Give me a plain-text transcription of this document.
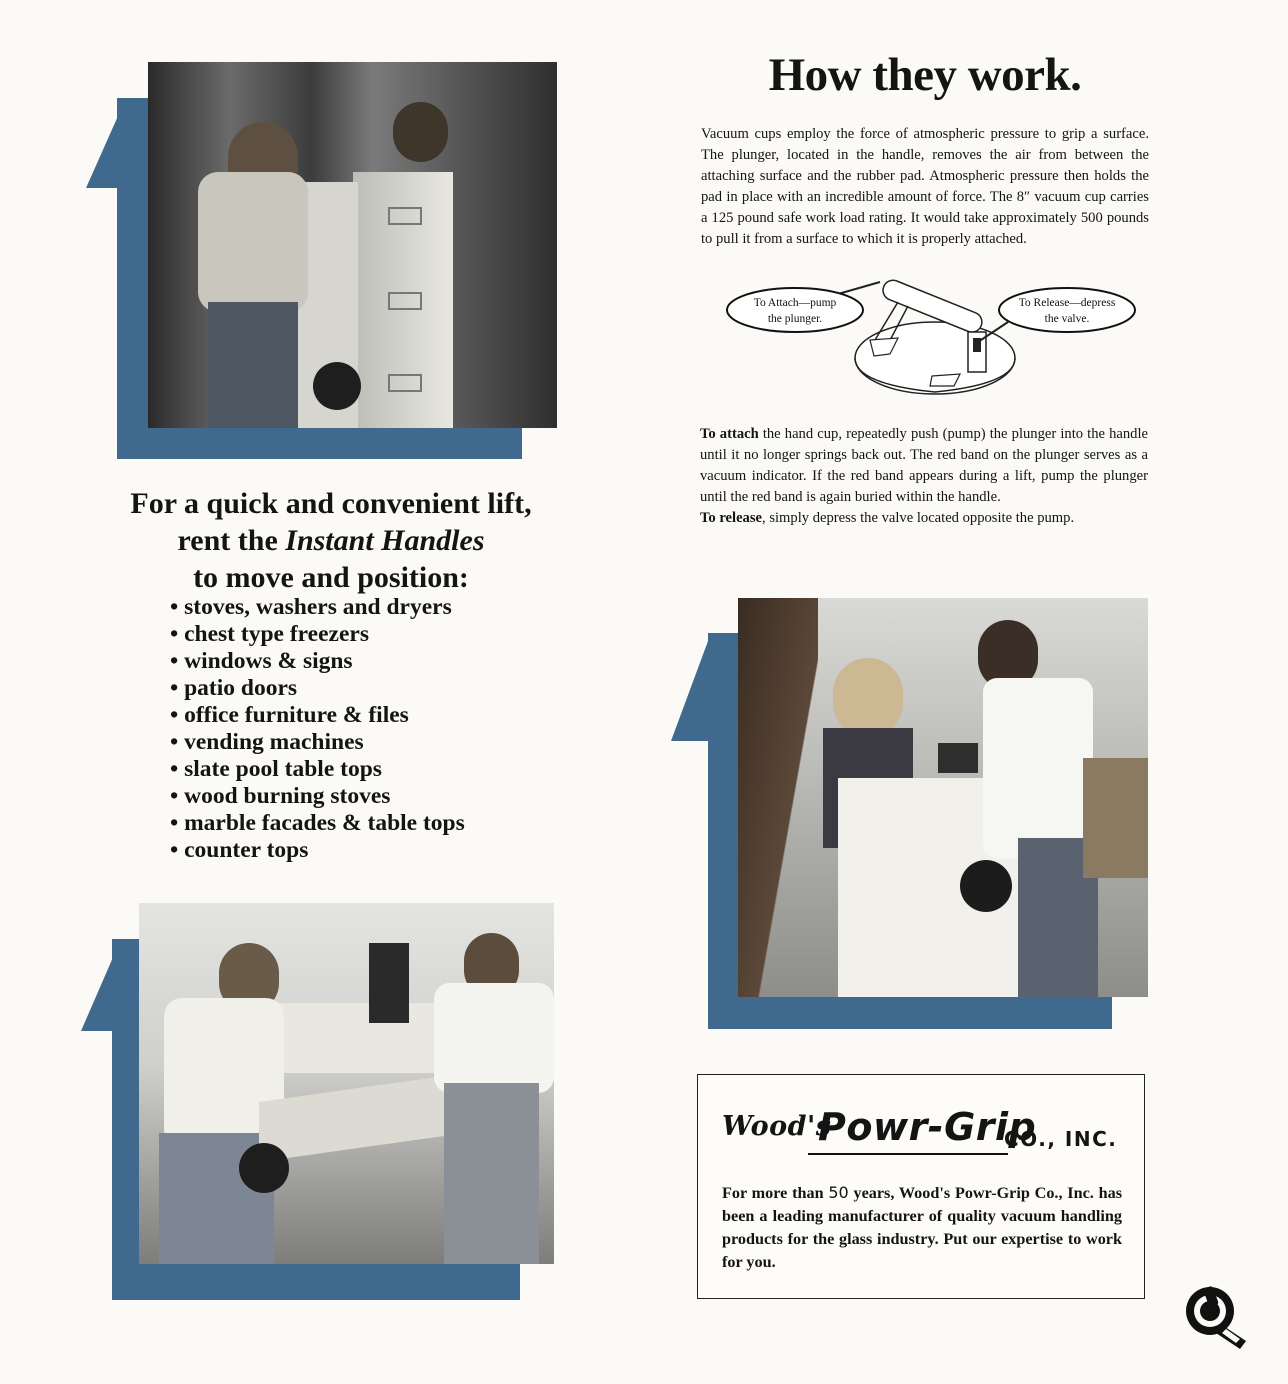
How they work.
Vacuum cups employ the force of atmospheric pressure to grip a surface. The plunger, located in the handle, removes the air from between the attaching surface and the rubber pad. Atmospheric pressure then holds the pad in place with an incredible amount of force. The 8″ vacuum cup carries a 125 pound safe work load rating. It would take approximately 500 pounds to pull it from a surface to which it is properly attached.
To Attach—pump
the plunger.
To Release—depress
the valve.
To attach the hand cup, repeatedly push (pump) the plunger into the handle until it no longer springs back out. The red band on the plunger serves as a vacuum indicator. If the red band appears during a lift, pump the plunger until the red band is again buried within the handle.
To release, simply depress the valve located opposite the pump.
For a quick and convenient lift,
rent the Instant Handles
to move and position:
• stoves, washers and dryers
• chest type freezers
• windows & signs
• patio doors
• office furniture & files
• vending machines
• slate pool table tops
• wood burning stoves
• marble facades & table tops
• counter tops
Wood's
Powr-Grip
CO., INC.
For more than 50 years, Wood's Powr-Grip Co., Inc. has been a leading manufacturer of quality vacuum handling products for the glass industry. Put our expertise to work for you.
